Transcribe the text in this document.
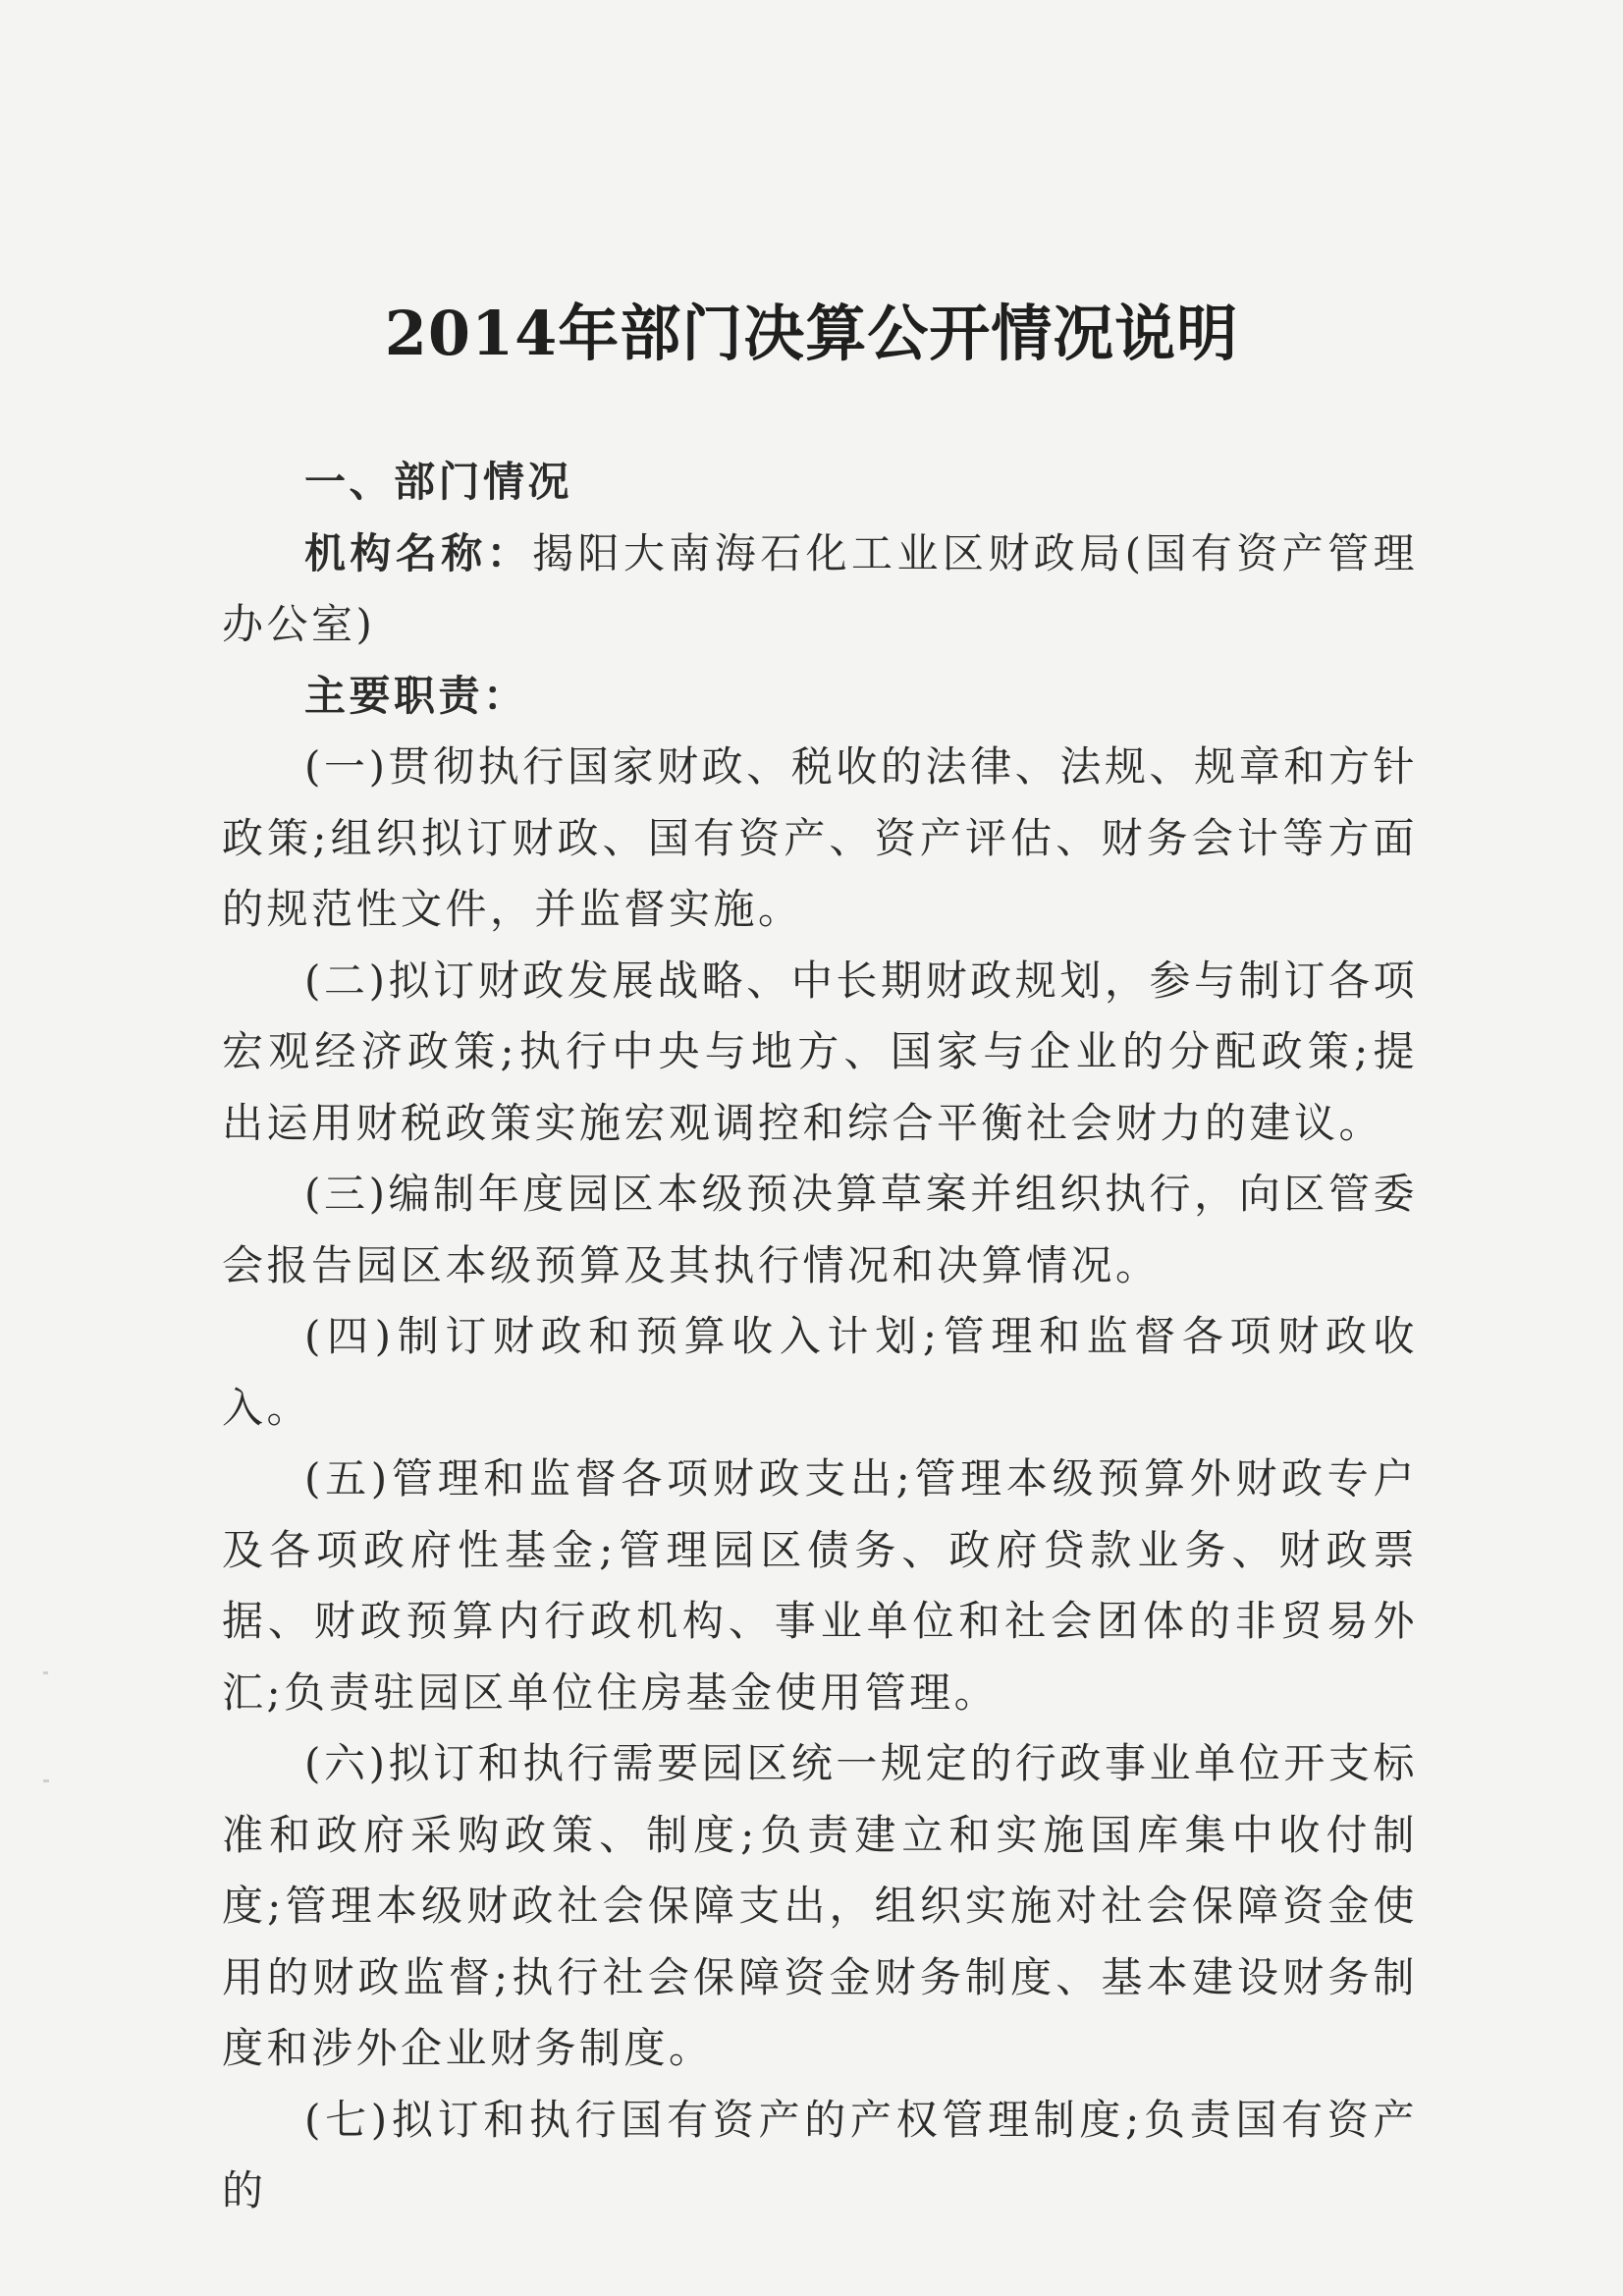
2014年部门决算公开情况说明

一、部门情况

机构名称：揭阳大南海石化工业区财政局(国有资产管理办公室)

主要职责：

(一)贯彻执行国家财政、税收的法律、法规、规章和方针政策;组织拟订财政、国有资产、资产评估、财务会计等方面的规范性文件，并监督实施。

(二)拟订财政发展战略、中长期财政规划，参与制订各项宏观经济政策;执行中央与地方、国家与企业的分配政策;提出运用财税政策实施宏观调控和综合平衡社会财力的建议。

(三)编制年度园区本级预决算草案并组织执行，向区管委会报告园区本级预算及其执行情况和决算情况。

(四)制订财政和预算收入计划;管理和监督各项财政收入。

(五)管理和监督各项财政支出;管理本级预算外财政专户及各项政府性基金;管理园区债务、政府贷款业务、财政票据、财政预算内行政机构、事业单位和社会团体的非贸易外汇;负责驻园区单位住房基金使用管理。

(六)拟订和执行需要园区统一规定的行政事业单位开支标准和政府采购政策、制度;负责建立和实施国库集中收付制度;管理本级财政社会保障支出，组织实施对社会保障资金使用的财政监督;执行社会保障资金财务制度、基本建设财务制度和涉外企业财务制度。

(七)拟订和执行国有资产的产权管理制度;负责国有资产的
